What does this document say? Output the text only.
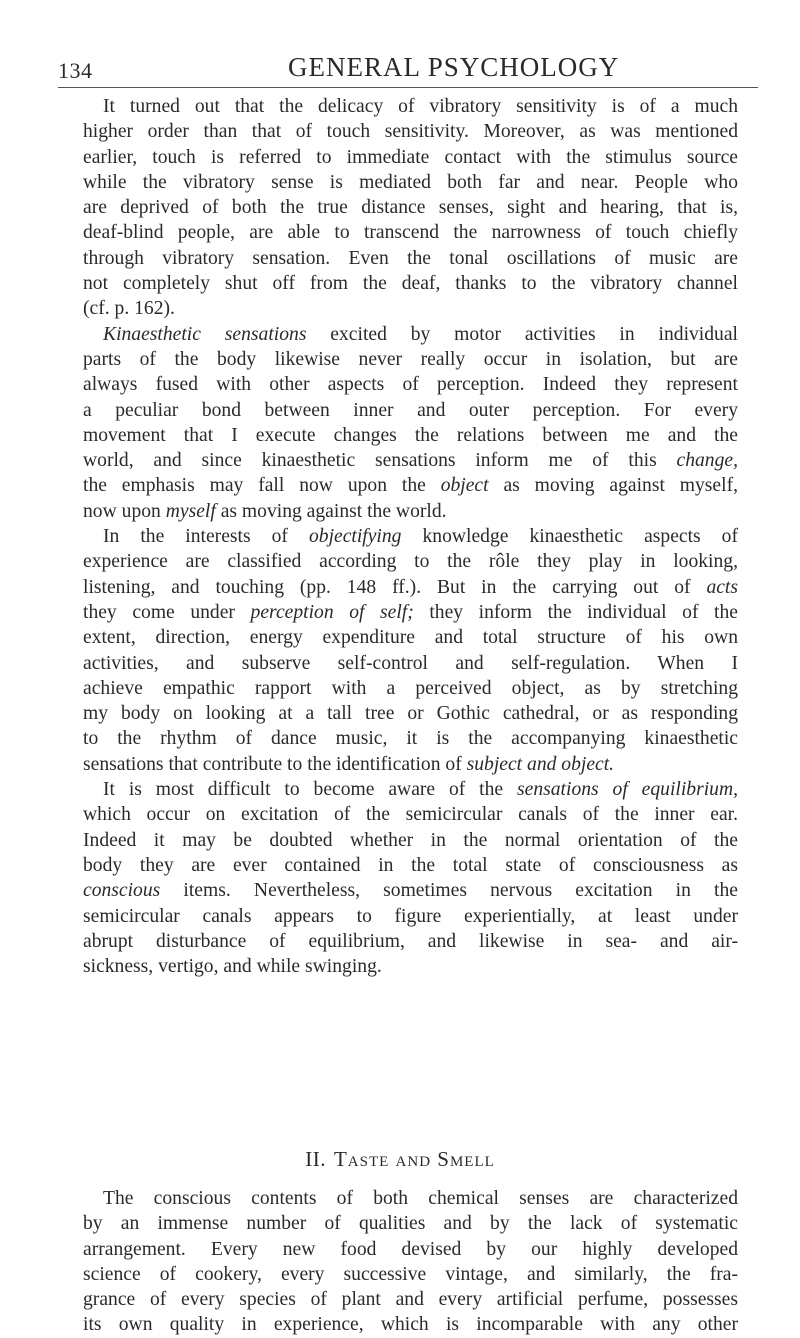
134	GENERAL PSYCHOLOGY
It turned out that the delicacy of vibratory sensitivity is of a much
higher order than that of touch sensitivity. Moreover, as was mentioned
earlier, touch is referred to immediate contact with the stimulus source
while the vibratory sense is mediated both far and near. People who
are deprived of both the true distance senses, sight and hearing, that is,
deaf-blind people, are able to transcend the narrowness of touch chiefly
through vibratory sensation. Even the tonal oscillations of music are
not completely shut off from the deaf, thanks to the vibratory channel
(cf. p. 162).
Kinaesthetic sensations excited by motor activities in individual
parts of the body likewise never really occur in isolation, but are
always fused with other aspects of perception. Indeed they represent
a peculiar bond between inner and outer perception. For every
movement that I execute changes the relations between me and the
world, and since kinaesthetic sensations inform me of this change,
the emphasis may fall now upon the object as moving against myself,
now upon myself as moving against the world.
In the interests of objectifying knowledge kinaesthetic aspects of
experience are classified according to the rôle they play in looking,
listening, and touching (pp. 148 ff.). But in the carrying out of acts
they come under perception of self; they inform the individual of the
extent, direction, energy expenditure and total structure of his own
activities, and subserve self-control and self-regulation. When I
achieve empathic rapport with a perceived object, as by stretching
my body on looking at a tall tree or Gothic cathedral, or as responding
to the rhythm of dance music, it is the accompanying kinaesthetic
sensations that contribute to the identification of subject and object.
It is most difficult to become aware of the sensations of equilibrium,
which occur on excitation of the semicircular canals of the inner ear.
Indeed it may be doubted whether in the normal orientation of the
body they are ever contained in the total state of consciousness as
conscious items. Nevertheless, sometimes nervous excitation in the
semicircular canals appears to figure experientially, at least under
abrupt disturbance of equilibrium, and likewise in sea- and air-
sickness, vertigo, and while swinging.
II. Taste and Smell
The conscious contents of both chemical senses are characterized
by an immense number of qualities and by the lack of systematic
arrangement. Every new food devised by our highly developed
science of cookery, every successive vintage, and similarly, the fra-
grance of every species of plant and every artificial perfume, possesses
its own quality in experience, which is incomparable with any other
